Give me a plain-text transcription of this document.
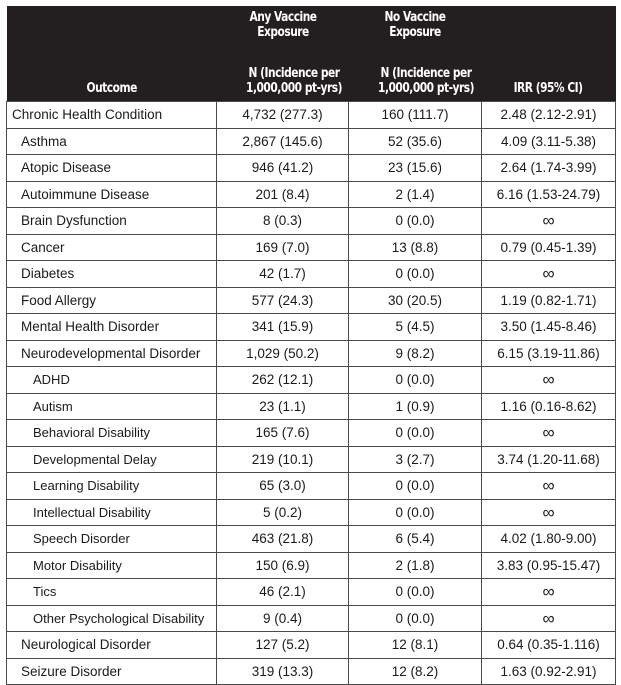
	Any Vaccine Exposure	No Vaccine Exposure	
Outcome	N (Incidence per 1,000,000 pt-yrs)	N (Incidence per 1,000,000 pt-yrs)	IRR (95% CI)
Chronic Health Condition	4,732 (277.3)	160 (111.7)	2.48 (2.12-2.91)
Asthma	2,867 (145.6)	52 (35.6)	4.09 (3.11-5.38)
Atopic Disease	946 (41.2)	23 (15.6)	2.64 (1.74-3.99)
Autoimmune Disease	201 (8.4)	2 (1.4)	6.16 (1.53-24.79)
Brain Dysfunction	8 (0.3)	0 (0.0)	∞
Cancer	169 (7.0)	13 (8.8)	0.79 (0.45-1.39)
Diabetes	42 (1.7)	0 (0.0)	∞
Food Allergy	577 (24.3)	30 (20.5)	1.19 (0.82-1.71)
Mental Health Disorder	341 (15.9)	5 (4.5)	3.50 (1.45-8.46)
Neurodevelopmental Disorder	1,029 (50.2)	9 (8.2)	6.15 (3.19-11.86)
ADHD	262 (12.1)	0 (0.0)	∞
Autism	23 (1.1)	1 (0.9)	1.16 (0.16-8.62)
Behavioral Disability	165 (7.6)	0 (0.0)	∞
Developmental Delay	219 (10.1)	3 (2.7)	3.74 (1.20-11.68)
Learning Disability	65 (3.0)	0 (0.0)	∞
Intellectual Disability	5 (0.2)	0 (0.0)	∞
Speech Disorder	463 (21.8)	6 (5.4)	4.02 (1.80-9.00)
Motor Disability	150 (6.9)	2 (1.8)	3.83 (0.95-15.47)
Tics	46 (2.1)	0 (0.0)	∞
Other Psychological Disability	9 (0.4)	0 (0.0)	∞
Neurological Disorder	127 (5.2)	12 (8.1)	0.64 (0.35-1.116)
Seizure Disorder	319 (13.3)	12 (8.2)	1.63 (0.92-2.91)
